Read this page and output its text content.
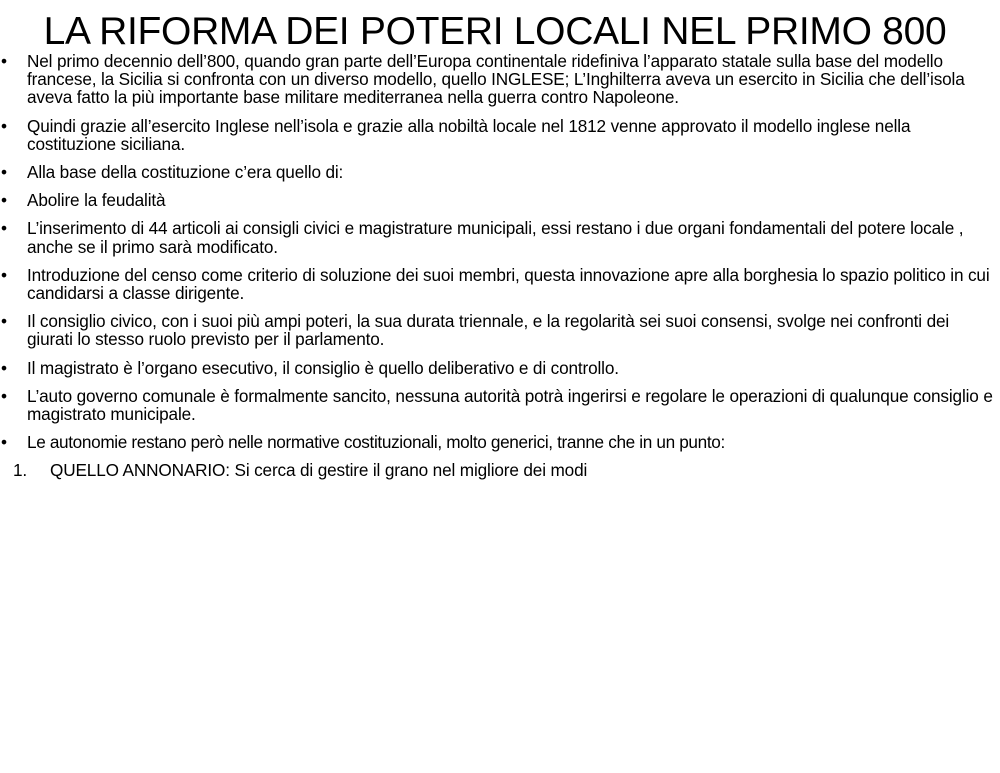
LA RIFORMA DEI POTERI LOCALI NEL PRIMO 800
•	Nel primo decennio dell’800, quando gran parte dell’Europa continentale ridefiniva l’apparato statale sulla base del modello francese, la Sicilia si confronta con un diverso modello, quello INGLESE; L’Inghilterra aveva un esercito in Sicilia che dell’isola aveva fatto la più importante base militare mediterranea nella guerra contro Napoleone.
•	Quindi grazie all’esercito Inglese nell’isola e grazie alla nobiltà locale nel 1812 venne approvato il modello inglese nella costituzione siciliana.
•	Alla base della costituzione c’era quello di:
•	Abolire la feudalità
•	L’inserimento di 44 articoli ai consigli civici e magistrature municipali, essi restano i due organi fondamentali del potere locale , anche se il primo sarà modificato.
•	Introduzione del censo come criterio di soluzione dei suoi membri, questa innovazione apre alla borghesia lo spazio politico in cui candidarsi a classe dirigente.
•	Il consiglio civico, con i suoi più ampi poteri, la sua durata triennale, e la regolarità sei suoi consensi, svolge nei confronti dei giurati lo stesso ruolo previsto per il parlamento.
•	Il magistrato è l’organo esecutivo, il consiglio è quello deliberativo e di controllo.
•	L’auto governo comunale è formalmente sancito, nessuna autorità potrà ingerirsi e regolare le operazioni di qualunque consiglio e magistrato municipale.
•	Le autonomie restano però nelle normative costituzionali, molto generici, tranne che in un punto:
1. QUELLO ANNONARIO: Si cerca di gestire il grano nel migliore dei modi
